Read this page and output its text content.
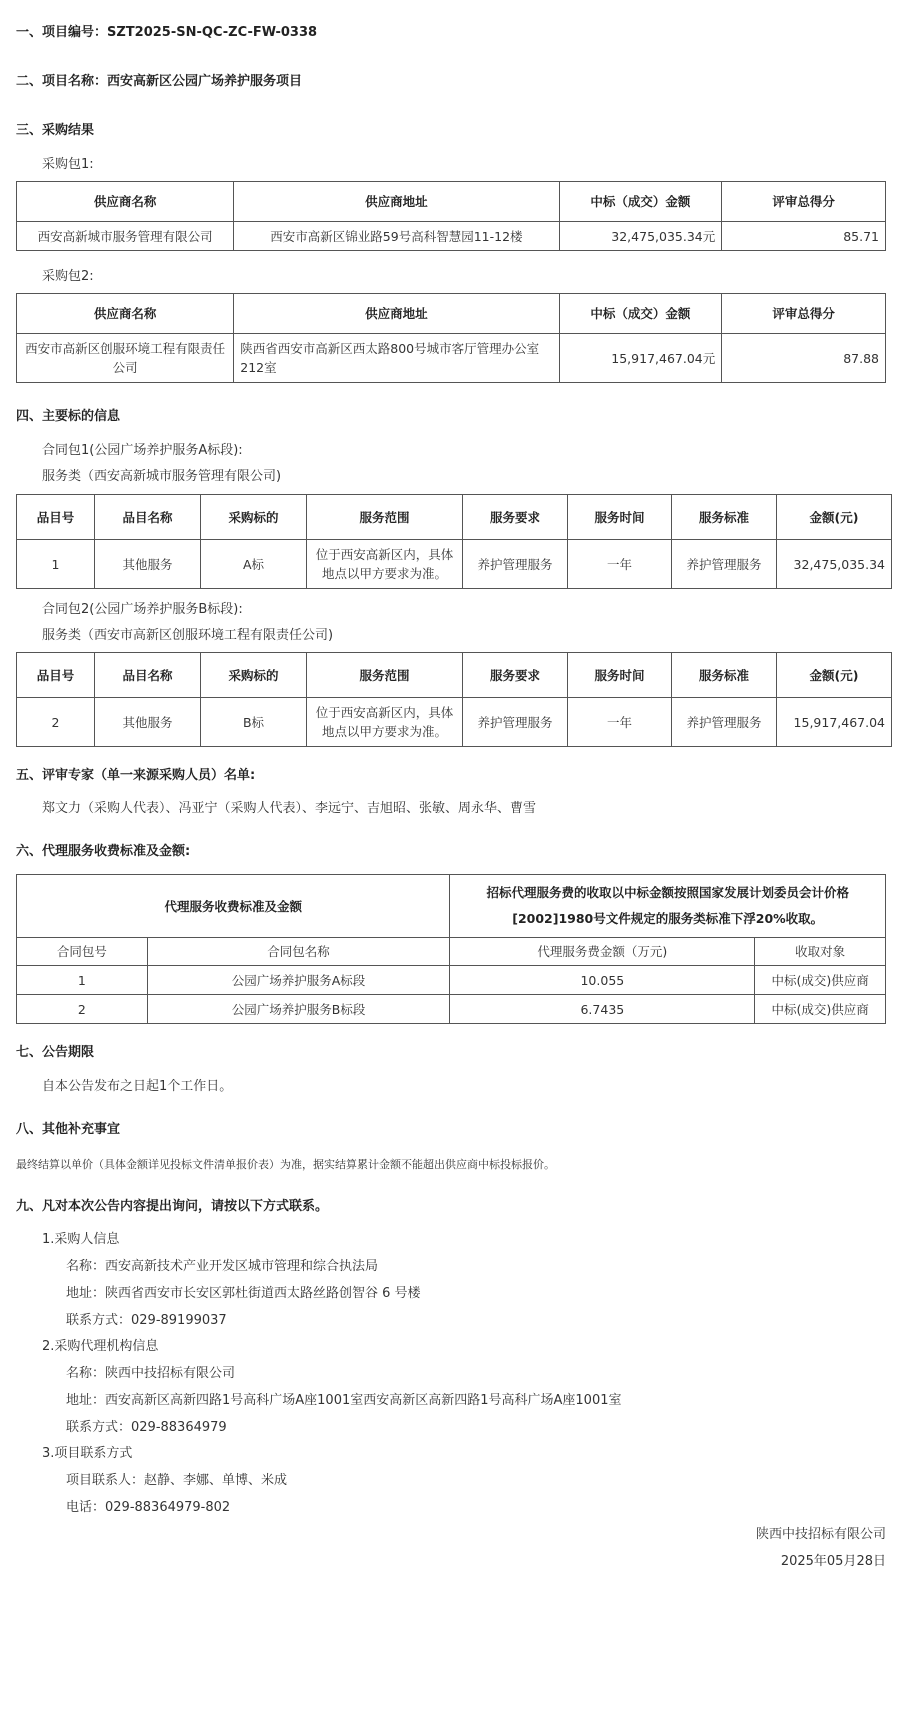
一、项目编号：SZT2025-SN-QC-ZC-FW-0338
二、项目名称：西安高新区公园广场养护服务项目
三、采购结果
采购包1:
供应商名称	供应商地址	中标（成交）金额	评审总得分
西安高新城市服务管理有限公司	西安市高新区锦业路59号高科智慧园11-12楼	32,475,035.34元	85.71
采购包2:
供应商名称	供应商地址	中标（成交）金额	评审总得分
西安市高新区创服环境工程有限责任公司	陕西省西安市高新区西太路800号城市客厅管理办公室212室	15,917,467.04元	87.88
四、主要标的信息
合同包1(公园广场养护服务A标段):
服务类（西安高新城市服务管理有限公司)
品目号	品目名称	采购标的	服务范围	服务要求	服务时间	服务标准	金额(元)
1	其他服务	A标	位于西安高新区内，具体地点以甲方要求为准。	养护管理服务	一年	养护管理服务	32,475,035.34
合同包2(公园广场养护服务B标段):
服务类（西安市高新区创服环境工程有限责任公司)
品目号	品目名称	采购标的	服务范围	服务要求	服务时间	服务标准	金额(元)
2	其他服务	B标	位于西安高新区内，具体地点以甲方要求为准。	养护管理服务	一年	养护管理服务	15,917,467.04
五、评审专家（单一来源采购人员）名单:
郑文力（采购人代表）、冯亚宁（采购人代表）、李远宁、吉旭昭、张敏、周永华、曹雪
六、代理服务收费标准及金额:
代理服务收费标准及金额		招标代理服务费的收取以中标金额按照国家发展计划委员会计价格[2002]1980号文件规定的服务类标准下浮20%收取。	
合同包号	合同包名称	代理服务费金额（万元)	收取对象
1	公园广场养护服务A标段	10.055	中标(成交)供应商
2	公园广场养护服务B标段	6.7435	中标(成交)供应商
七、公告期限
自本公告发布之日起1个工作日。
八、其他补充事宜
最终结算以单价（具体金额详见投标文件清单报价表）为准，据实结算累计金额不能超出供应商中标投标报价。
九、凡对本次公告内容提出询问，请按以下方式联系。
1.采购人信息
名称：西安高新技术产业开发区城市管理和综合执法局
地址：陕西省西安市长安区郭杜街道西太路丝路创智谷 6 号楼
联系方式：029-89199037
2.采购代理机构信息
名称：陕西中技招标有限公司
地址：西安高新区高新四路1号高科广场A座1001室西安高新区高新四路1号高科广场A座1001室
联系方式：029-88364979
3.项目联系方式
项目联系人：赵静、李娜、单博、米成
电话：029-88364979-802
陕西中技招标有限公司
2025年05月28日
